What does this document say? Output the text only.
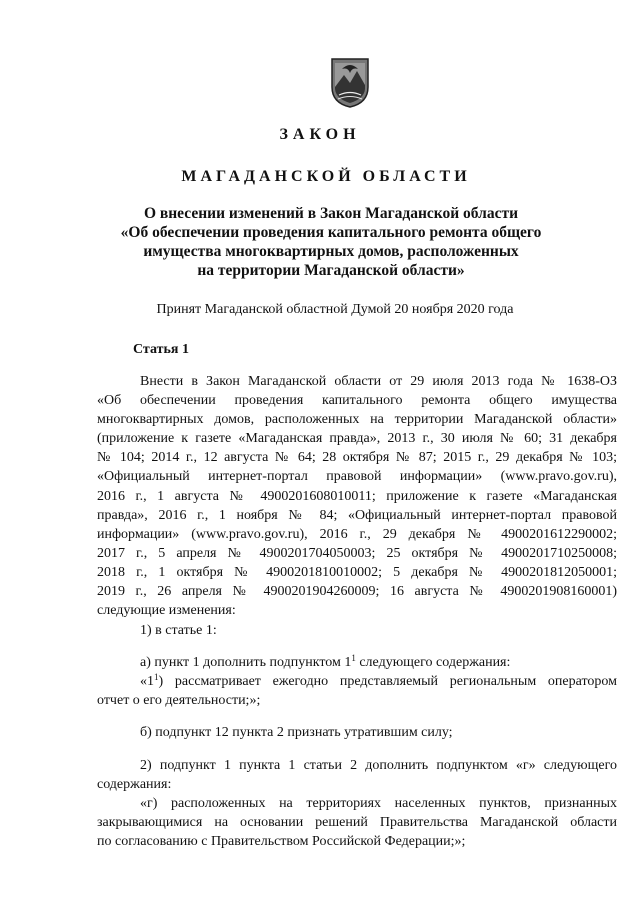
ЗАКОН
МАГАДАНСКОЙ ОБЛАСТИ
О внесении изменений в Закон Магаданской области
«Об обеспечении проведения капитального ремонта общего
имущества многоквартирных домов, расположенных
на территории Магаданской области»
Принят Магаданской областной Думой 20 ноября 2020 года
Статья 1
Внести в Закон Магаданской области от 29 июля 2013 года № 1638-ОЗ
«Об обеспечении проведения капитального ремонта общего имущества
многоквартирных домов, расположенных на территории Магаданской области»
(приложение к газете «Магаданская правда», 2013 г., 30 июля № 60; 31 декабря
№ 104; 2014 г., 12 августа № 64; 28 октября № 87; 2015 г., 29 декабря № 103;
«Официальный интернет-портал правовой информации» (www.pravo.gov.ru),
2016 г., 1 августа № 4900201608010011; приложение к газете «Магаданская
правда», 2016 г., 1 ноября № 84; «Официальный интернет-портал правовой
информации» (www.pravo.gov.ru), 2016 г., 29 декабря № 4900201612290002;
2017 г., 5 апреля № 4900201704050003; 25 октября № 4900201710250008;
2018 г., 1 октября № 4900201810010002; 5 декабря № 4900201812050001;
2019 г., 26 апреля № 4900201904260009; 16 августа № 4900201908160001)
следующие изменения:
1) в статье 1:
а) пункт 1 дополнить подпунктом $1^1$ следующего содержания:
«$1^1$) рассматривает ежегодно представляемый региональным оператором
отчет о его деятельности;»;
б) подпункт 12 пункта 2 признать утратившим силу;
2) подпункт 1 пункта 1 статьи 2 дополнить подпунктом «г» следующего
содержания:
«г) расположенных на территориях населенных пунктов, признанных
закрывающимися на основании решений Правительства Магаданской области
по согласованию с Правительством Российской Федерации;»;
